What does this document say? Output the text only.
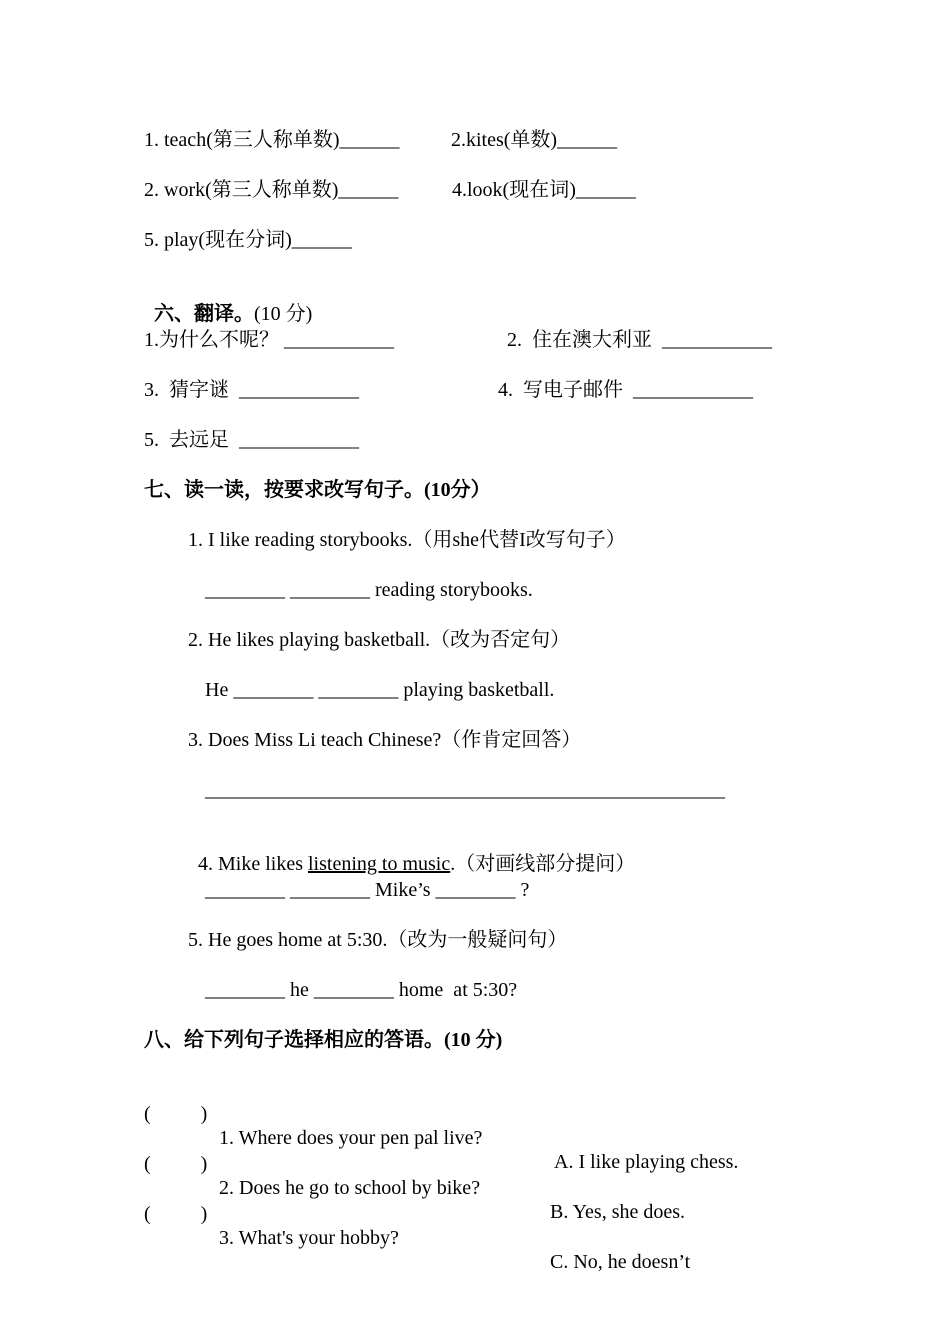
1. teach(第三人称单数)______	2.kites(单数)______
2. work(第三人称单数)______	4.look(现在词)______
5. play(现在分词)______

六、翻译。(10 分)

1.为什么不呢？ ___________	2.  住在澳大利亚  ___________
3.  猜字谜  ____________	4.  写电子邮件  ____________
5.  去远足  ____________
七、读一读，按要求改写句子。(10分）
1. I like reading storybooks.（用she代替I改写句子）
________ ________ reading storybooks.
2. He likes playing basketball.（改为否定句）
He ________ ________ playing basketball.
3. Does Miss Li teach Chinese?（作肯定回答）
____________________________________________________

4. Mike likes listening to music.（对画线部分提问）

________ ________ Mike’s ________ ?
5. He goes home at 5:30.（改为一般疑问句）
________ he ________ home  at 5:30?
八、给下列句子选择相应的答语。(10 分)

(          )

1. Where does your pen pal live?

A. I like playing chess.

(          )

2. Does he go to school by bike?

B. Yes, she does.

(          )

3. What's your hobby?

C. No, he doesn’t
